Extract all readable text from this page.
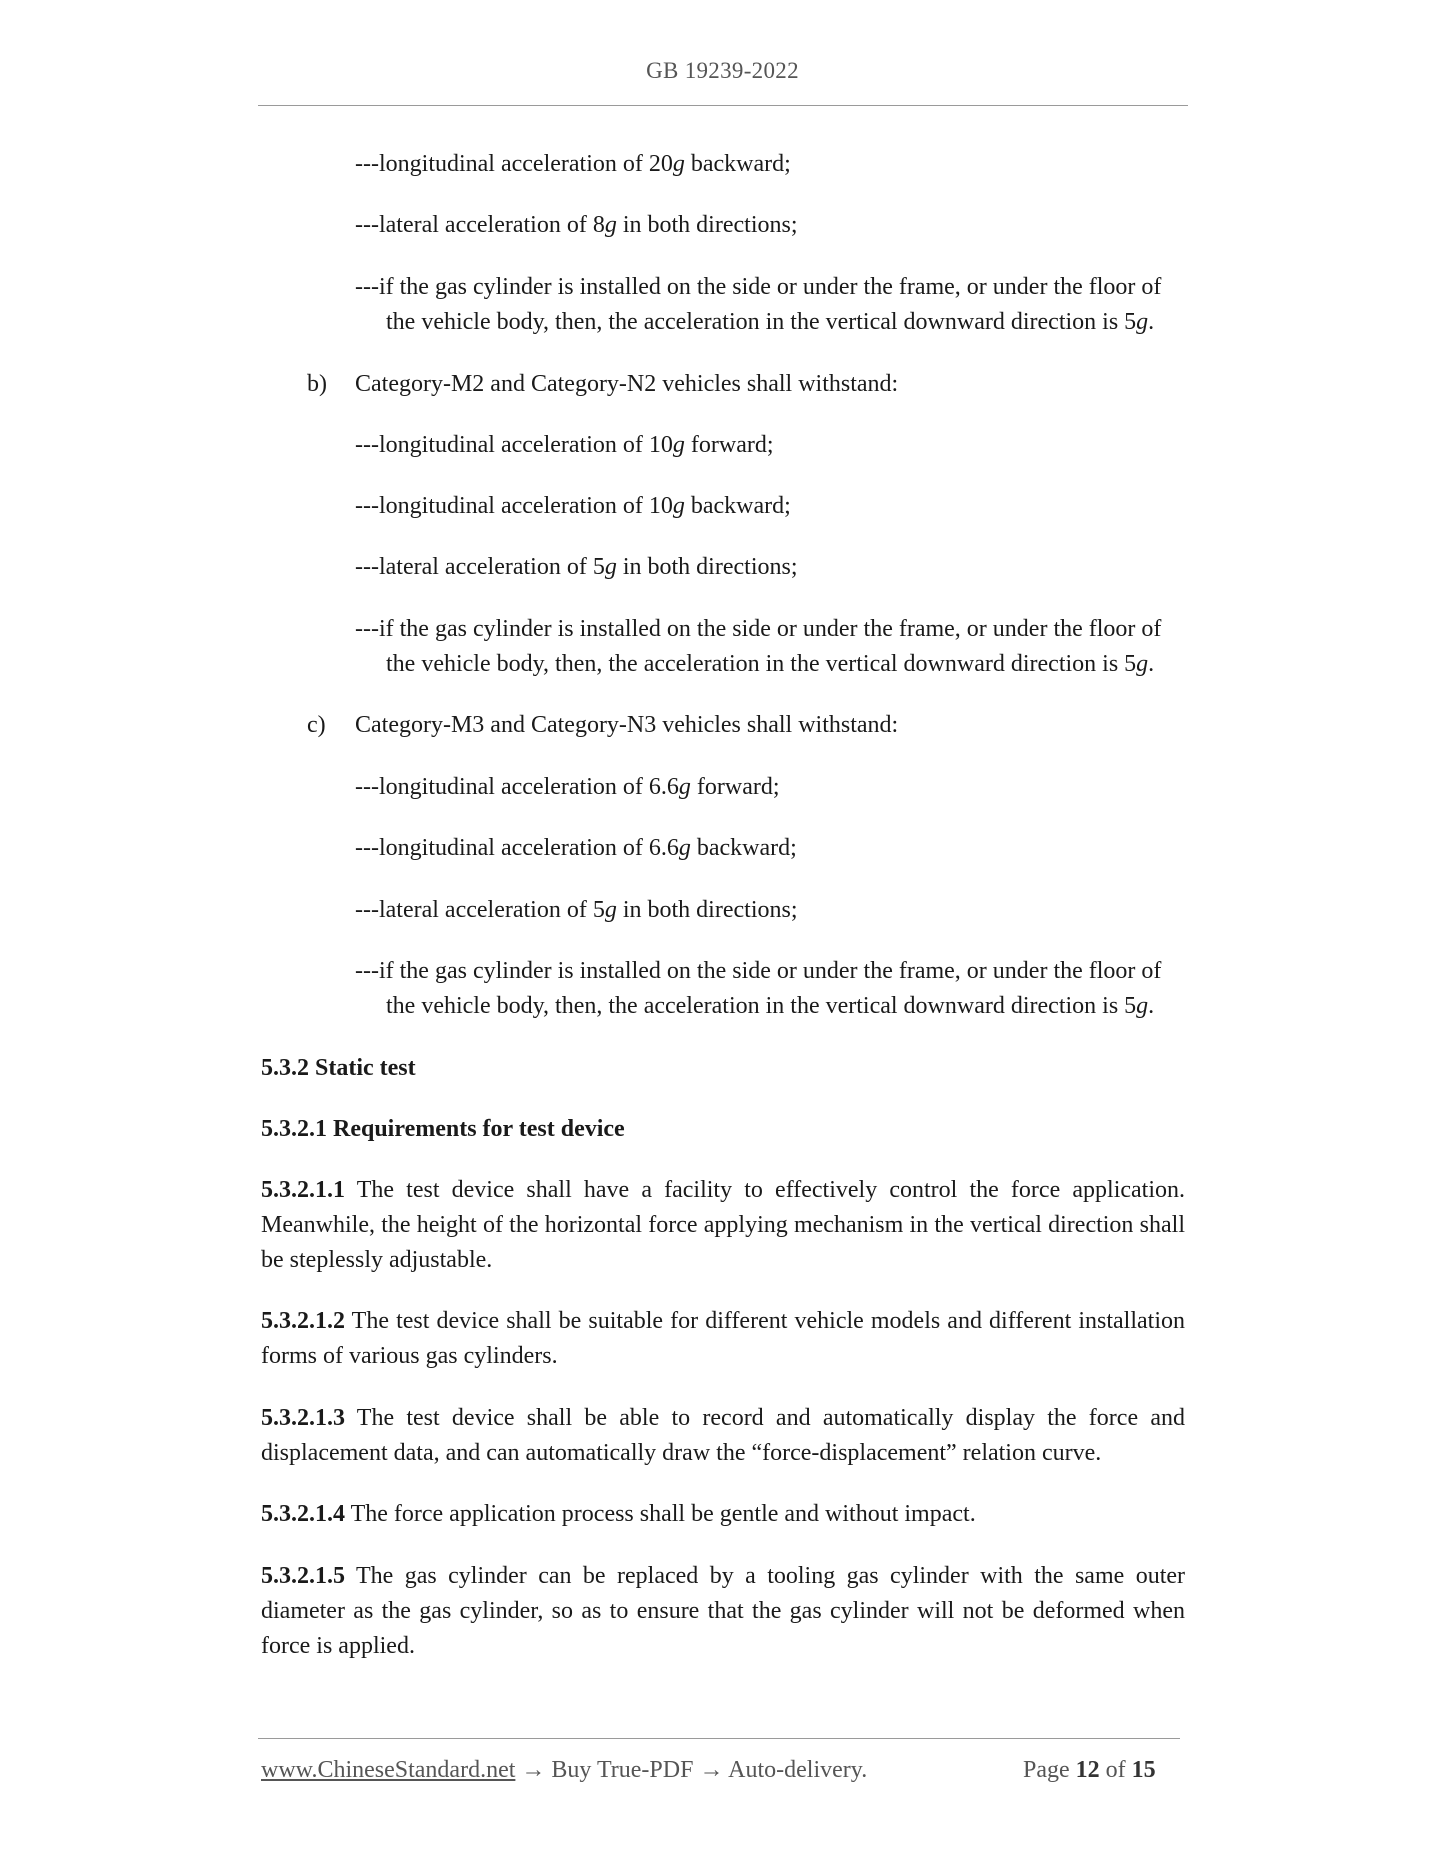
GB 19239-2022
---longitudinal acceleration of 20g backward;
---lateral acceleration of 8g in both directions;
---if the gas cylinder is installed on the side or under the frame, or under the floor of
the vehicle body, then, the acceleration in the vertical downward direction is 5g.
b) Category-M2 and Category-N2 vehicles shall withstand:
---longitudinal acceleration of 10g forward;
---longitudinal acceleration of 10g backward;
---lateral acceleration of 5g in both directions;
---if the gas cylinder is installed on the side or under the frame, or under the floor of
the vehicle body, then, the acceleration in the vertical downward direction is 5g.
c) Category-M3 and Category-N3 vehicles shall withstand:
---longitudinal acceleration of 6.6g forward;
---longitudinal acceleration of 6.6g backward;
---lateral acceleration of 5g in both directions;
---if the gas cylinder is installed on the side or under the frame, or under the floor of
the vehicle body, then, the acceleration in the vertical downward direction is 5g.
5.3.2 Static test
5.3.2.1 Requirements for test device
5.3.2.1.1 The test device shall have a facility to effectively control the force application. Meanwhile, the height of the horizontal force applying mechanism in the vertical direction shall be steplessly adjustable.
5.3.2.1.2 The test device shall be suitable for different vehicle models and different installation forms of various gas cylinders.
5.3.2.1.3 The test device shall be able to record and automatically display the force and displacement data, and can automatically draw the “force-displacement” relation curve.
5.3.2.1.4 The force application process shall be gentle and without impact.
5.3.2.1.5 The gas cylinder can be replaced by a tooling gas cylinder with the same outer diameter as the gas cylinder, so as to ensure that the gas cylinder will not be deformed when force is applied.
www.ChineseStandard.net → Buy True-PDF → Auto-delivery.	Page 12 of 15
